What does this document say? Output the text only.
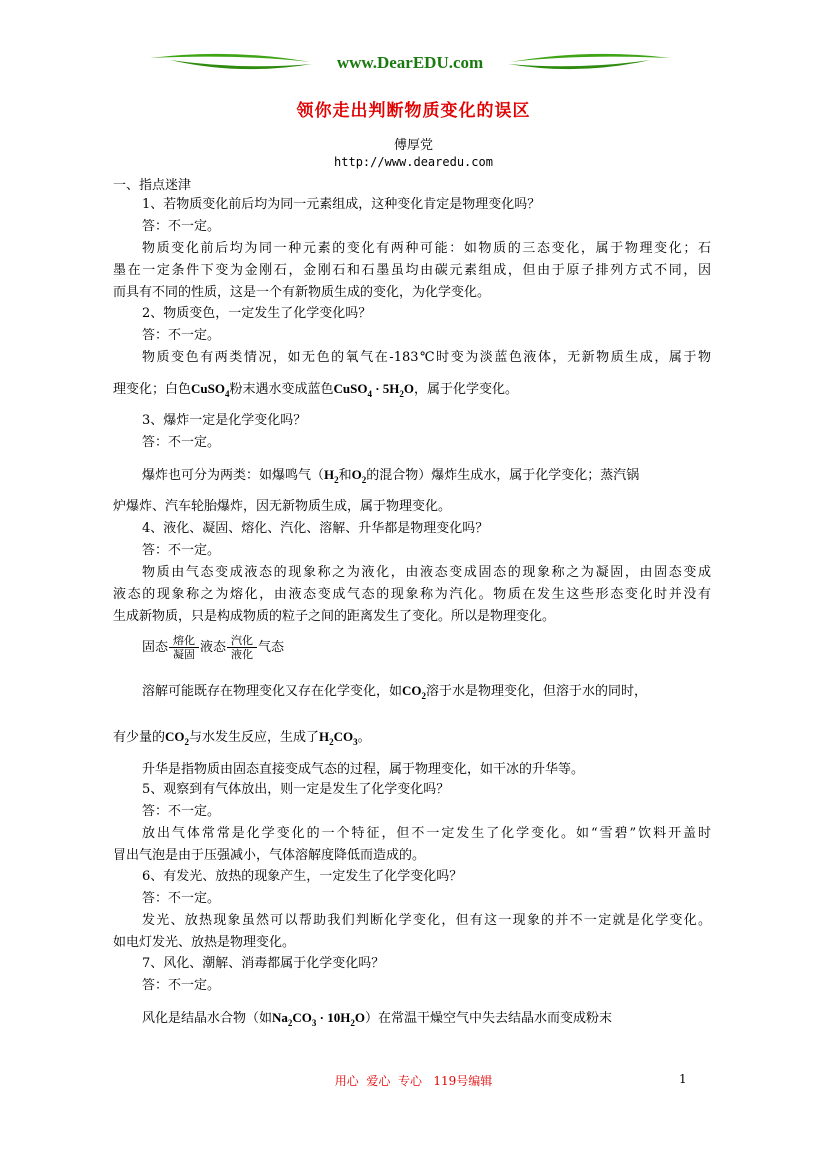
www.DearEDU.com
领你走出判断物质变化的误区
傅厚党
http://www.dearedu.com
一、指点迷津
1、若物质变化前后均为同一元素组成，这种变化肯定是物理变化吗？
答：不一定。
物质变化前后均为同一种元素的变化有两种可能：如物质的三态变化，属于物理变化；石
墨在一定条件下变为金刚石，金刚石和石墨虽均由碳元素组成，但由于原子排列方式不同，因
而具有不同的性质，这是一个有新物质生成的变化，为化学变化。
2、物质变色，一定发生了化学变化吗？
答：不一定。
物质变色有两类情况，如无色的氧气在-183℃时变为淡蓝色液体，无新物质生成，属于物
理变化；白色CuSO$_4$粉末遇水变成蓝色CuSO$_4$ · $5H_2O$，属于化学变化。
3、爆炸一定是化学变化吗？
答：不一定。
爆炸也可分为两类：如爆鸣气（$H_2$和$O_2$的混合物）爆炸生成水，属于化学变化；蒸汽锅
炉爆炸、汽车轮胎爆炸，因无新物质生成，属于物理变化。
4、液化、凝固、熔化、汽化、溶解、升华都是物理变化吗？
答：不一定。
物质由气态变成液态的现象称之为液化，由液态变成固态的现象称之为凝固，由固态变成
液态的现象称之为熔化，由液态变成气态的现象称为汽化。物质在发生这些形态变化时并没有
生成新物质，只是构成物质的粒子之间的距离发生了变化。所以是物理变化。
固态 $\frac{\text{熔化}}{\text{凝固}}$ 液态 $\frac{\text{汽化}}{\text{液化}}$ 气态
溶解可能既存在物理变化又存在化学变化，如$CO_2$溶于水是物理变化，但溶于水的同时，
有少量的$CO_2$与水发生反应，生成了$H_2CO_3$。
升华是指物质由固态直接变成气态的过程，属于物理变化，如干冰的升华等。
5、观察到有气体放出，则一定是发生了化学变化吗？
答：不一定。
放出气体常常是化学变化的一个特征，但不一定发生了化学变化。如“雪碧”饮料开盖时
冒出气泡是由于压强减小，气体溶解度降低而造成的。
6、有发光、放热的现象产生，一定发生了化学变化吗？
答：不一定。
发光、放热现象虽然可以帮助我们判断化学变化，但有这一现象的并不一定就是化学变化。
如电灯发光、放热是物理变化。
7、风化、潮解、消毒都属于化学变化吗？
答：不一定。
风化是结晶水合物（如$Na_2CO_3 \cdot 10H_2O$）在常温干燥空气中失去结晶水而变成粉末
用心  爱心  专心   119号编辑	1
